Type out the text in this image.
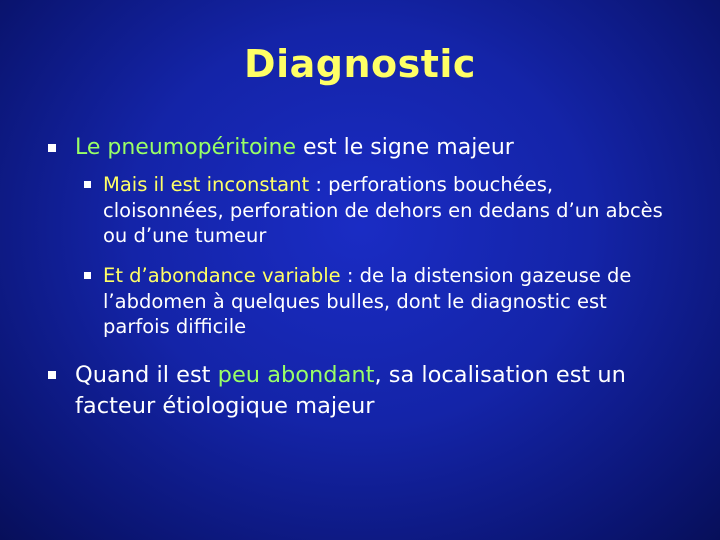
Diagnostic
Le pneumopéritoine est le signe majeur
Mais il est inconstant : perforations bouchées, cloisonnées, perforation de dehors en dedans d’un abcès ou d’une tumeur
Et d’abondance variable : de la distension gazeuse de l’abdomen à quelques bulles, dont le diagnostic est parfois difficile
Quand il est peu abondant, sa localisation est un facteur étiologique majeur
